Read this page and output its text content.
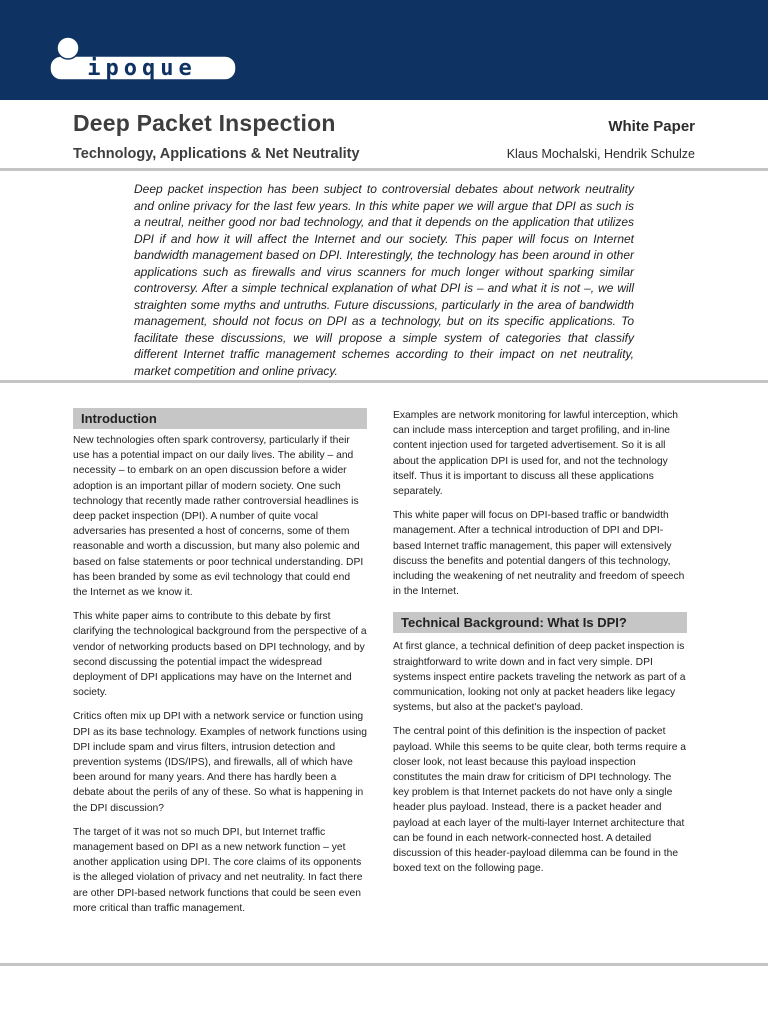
ipoque
Deep Packet Inspection
Technology, Applications & Net Neutrality
White Paper
Klaus Mochalski, Hendrik Schulze
Deep packet inspection has been subject to controversial debates about network neutrality and online privacy for the last few years. In this white paper we will argue that DPI as such is a neutral, neither good nor bad technology, and that it depends on the application that utilizes DPI if and how it will affect the Internet and our society. This paper will focus on Internet bandwidth management based on DPI. Interestingly, the technology has been around in other applications such as firewalls and virus scanners for much longer without sparking similar controversy. After a simple technical explanation of what DPI is – and what it is not –, we will straighten some myths and untruths. Future discussions, particularly in the area of bandwidth management, should not focus on DPI as a technology, but on its specific applications. To facilitate these discussions, we will propose a simple system of categories that classify different Internet traffic management schemes according to their impact on net neutrality, market competition and online privacy.
Introduction

New technologies often spark controversy, particularly if their use has a potential impact on our daily lives. The ability – and necessity – to embark on an open discussion before a wider adoption is an important pillar of modern society. One such technology that recently made rather controversial headlines is deep packet inspection (DPI). A number of quite vocal adversaries has presented a host of concerns, some of them reasonable and worth a discussion, but many also polemic and based on false statements or poor technical understanding. DPI has been branded by some as evil technology that could end the Internet as we know it.

This white paper aims to contribute to this debate by first clarifying the technological background from the perspective of a vendor of networking products based on DPI technology, and by second discussing the potential impact the widespread deployment of DPI applications may have on the Internet and society.

Critics often mix up DPI with a network service or function using DPI as its base technology. Examples of network functions using DPI include spam and virus filters, intrusion detection and prevention systems (IDS/IPS), and firewalls, all of which have been around for many years. And there has hardly been a debate about the perils of any of these. So what is happening in the DPI discussion?

The target of it was not so much DPI, but Internet traffic management based on DPI as a new network function – yet another application using DPI. The core claims of its opponents is the alleged violation of privacy and net neutrality. In fact there are other DPI-based network functions that could be seen even more critical than traffic management.

Examples are network monitoring for lawful interception, which can include mass interception and target profiling, and in-line content injection used for targeted advertisement. So it is all about the application DPI is used for, and not the technology itself. Thus it is important to discuss all these applications separately.

This white paper will focus on DPI-based traffic or bandwidth management. After a technical introduction of DPI and DPI-based Internet traffic management, this paper will extensively discuss the benefits and potential dangers of this technology, including the weakening of net neutrality and freedom of speech in the Internet.

Technical Background: What Is DPI?

At first glance, a technical definition of deep packet inspection is straightforward to write down and in fact very simple. DPI systems inspect entire packets traveling the network as part of a communication, looking not only at packet headers like legacy systems, but also at the packet's payload.

The central point of this definition is the inspection of packet payload. While this seems to be quite clear, both terms require a closer look, not least because this payload inspection constitutes the main draw for criticism of DPI technology. The key problem is that Internet packets do not have only a single header plus payload. Instead, there is a packet header and payload at each layer of the multi-layer Internet architecture that can be found in each network-connected host. A detailed discussion of this header-payload dilemma can be found in the boxed text on the following page.
